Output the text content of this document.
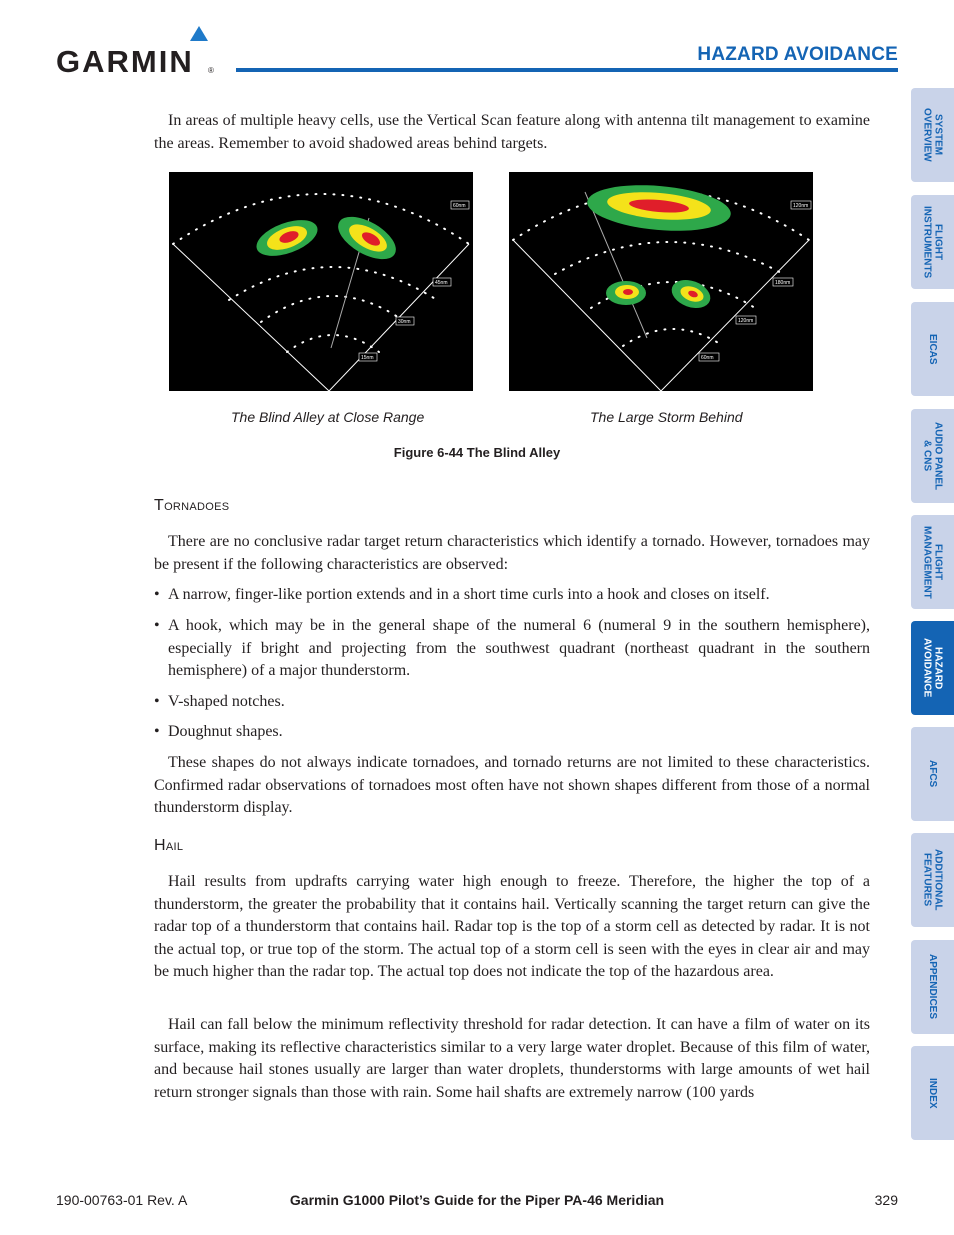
GARMIN ®
HAZARD AVOIDANCE
SYSTEM
OVERVIEW
FLIGHT
INSTRUMENTS
EICAS
AUDIO PANEL
& CNS
FLIGHT
MANAGEMENT
HAZARD
AVOIDANCE
AFCS
ADDITIONAL
FEATURES
APPENDICES
INDEX
In areas of multiple heavy cells, use the Vertical Scan feature along with antenna tilt management to examine the areas. Remember to avoid shadowed areas behind targets.
60nm
45nm
30nm
15nm
120nm
180nm
120nm
60nm
The Blind Alley at Close Range	The Large Storm Behind
Figure 6-44 The Blind Alley
Tornadoes
There are no conclusive radar target return characteristics which identify a tornado. However, tornadoes may be present if the following characteristics are observed:
• A narrow, finger-like portion extends and in a short time curls into a hook and closes on itself.
• A hook, which may be in the general shape of the numeral 6 (numeral 9 in the southern hemisphere), especially if bright and projecting from the southwest quadrant (northeast quadrant in the southern hemisphere) of a major thunderstorm.
• V-shaped notches.
• Doughnut shapes.
These shapes do not always indicate tornadoes, and tornado returns are not limited to these characteristics. Confirmed radar observations of tornadoes most often have not shown shapes different from those of a normal thunderstorm display.
Hail
Hail results from updrafts carrying water high enough to freeze. Therefore, the higher the top of a thunderstorm, the greater the probability that it contains hail. Vertically scanning the target return can give the radar top of a thunderstorm that contains hail. Radar top is the top of a storm cell as detected by radar. It is not the actual top, or true top of the storm. The actual top of a storm cell is seen with the eyes in clear air and may be much higher than the radar top. The actual top does not indicate the top of the hazardous area.
Hail can fall below the minimum reflectivity threshold for radar detection. It can have a film of water on its surface, making its reflective characteristics similar to a very large water droplet. Because of this film of water, and because hail stones usually are larger than water droplets, thunderstorms with large amounts of wet hail return stronger signals than those with rain. Some hail shafts are extremely narrow (100 yards
190-00763-01 Rev. A	Garmin G1000 Pilot’s Guide for the Piper PA-46 Meridian	329
